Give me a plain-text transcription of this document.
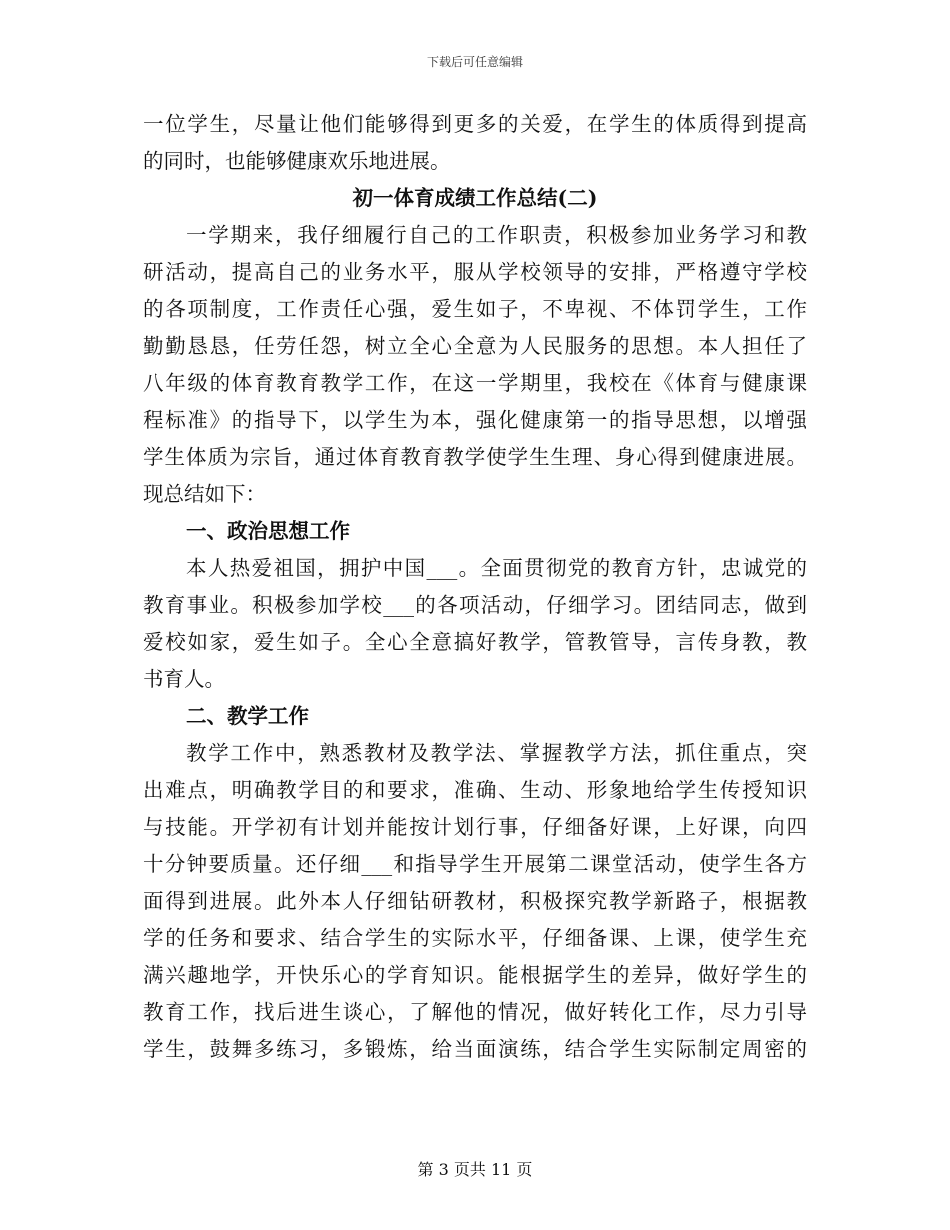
下载后可任意编辑
一位学生，尽量让他们能够得到更多的关爱，在学生的体质得到提高
的同时，也能够健康欢乐地进展。
初一体育成绩工作总结(二)
一学期来，我仔细履行自己的工作职责，积极参加业务学习和教
研活动，提高自己的业务水平，服从学校领导的安排，严格遵守学校
的各项制度，工作责任心强，爱生如子，不卑视、不体罚学生，工作
勤勤恳恳，任劳任怨，树立全心全意为人民服务的思想。本人担任了
八年级的体育教育教学工作，在这一学期里，我校在《体育与健康课
程标准》的指导下，以学生为本，强化健康第一的指导思想，以增强
学生体质为宗旨，通过体育教育教学使学生生理、身心得到健康进展。
现总结如下：
一、政治思想工作
本人热爱祖国，拥护中国___。全面贯彻党的教育方针，忠诚党的
教育事业。积极参加学校___的各项活动，仔细学习。团结同志，做到
爱校如家，爱生如子。全心全意搞好教学，管教管导，言传身教，教
书育人。
二、教学工作
教学工作中，熟悉教材及教学法、掌握教学方法，抓住重点，突
出难点，明确教学目的和要求，准确、生动、形象地给学生传授知识
与技能。开学初有计划并能按计划行事，仔细备好课，上好课，向四
十分钟要质量。还仔细___和指导学生开展第二课堂活动，使学生各方
面得到进展。此外本人仔细钻研教材，积极探究教学新路子，根据教
学的任务和要求、结合学生的实际水平，仔细备课、上课，使学生充
满兴趣地学，开快乐心的学育知识。能根据学生的差异，做好学生的
教育工作，找后进生谈心，了解他的情况，做好转化工作，尽力引导
学生，鼓舞多练习，多锻炼，给当面演练，结合学生实际制定周密的
第 3 页共 11 页
